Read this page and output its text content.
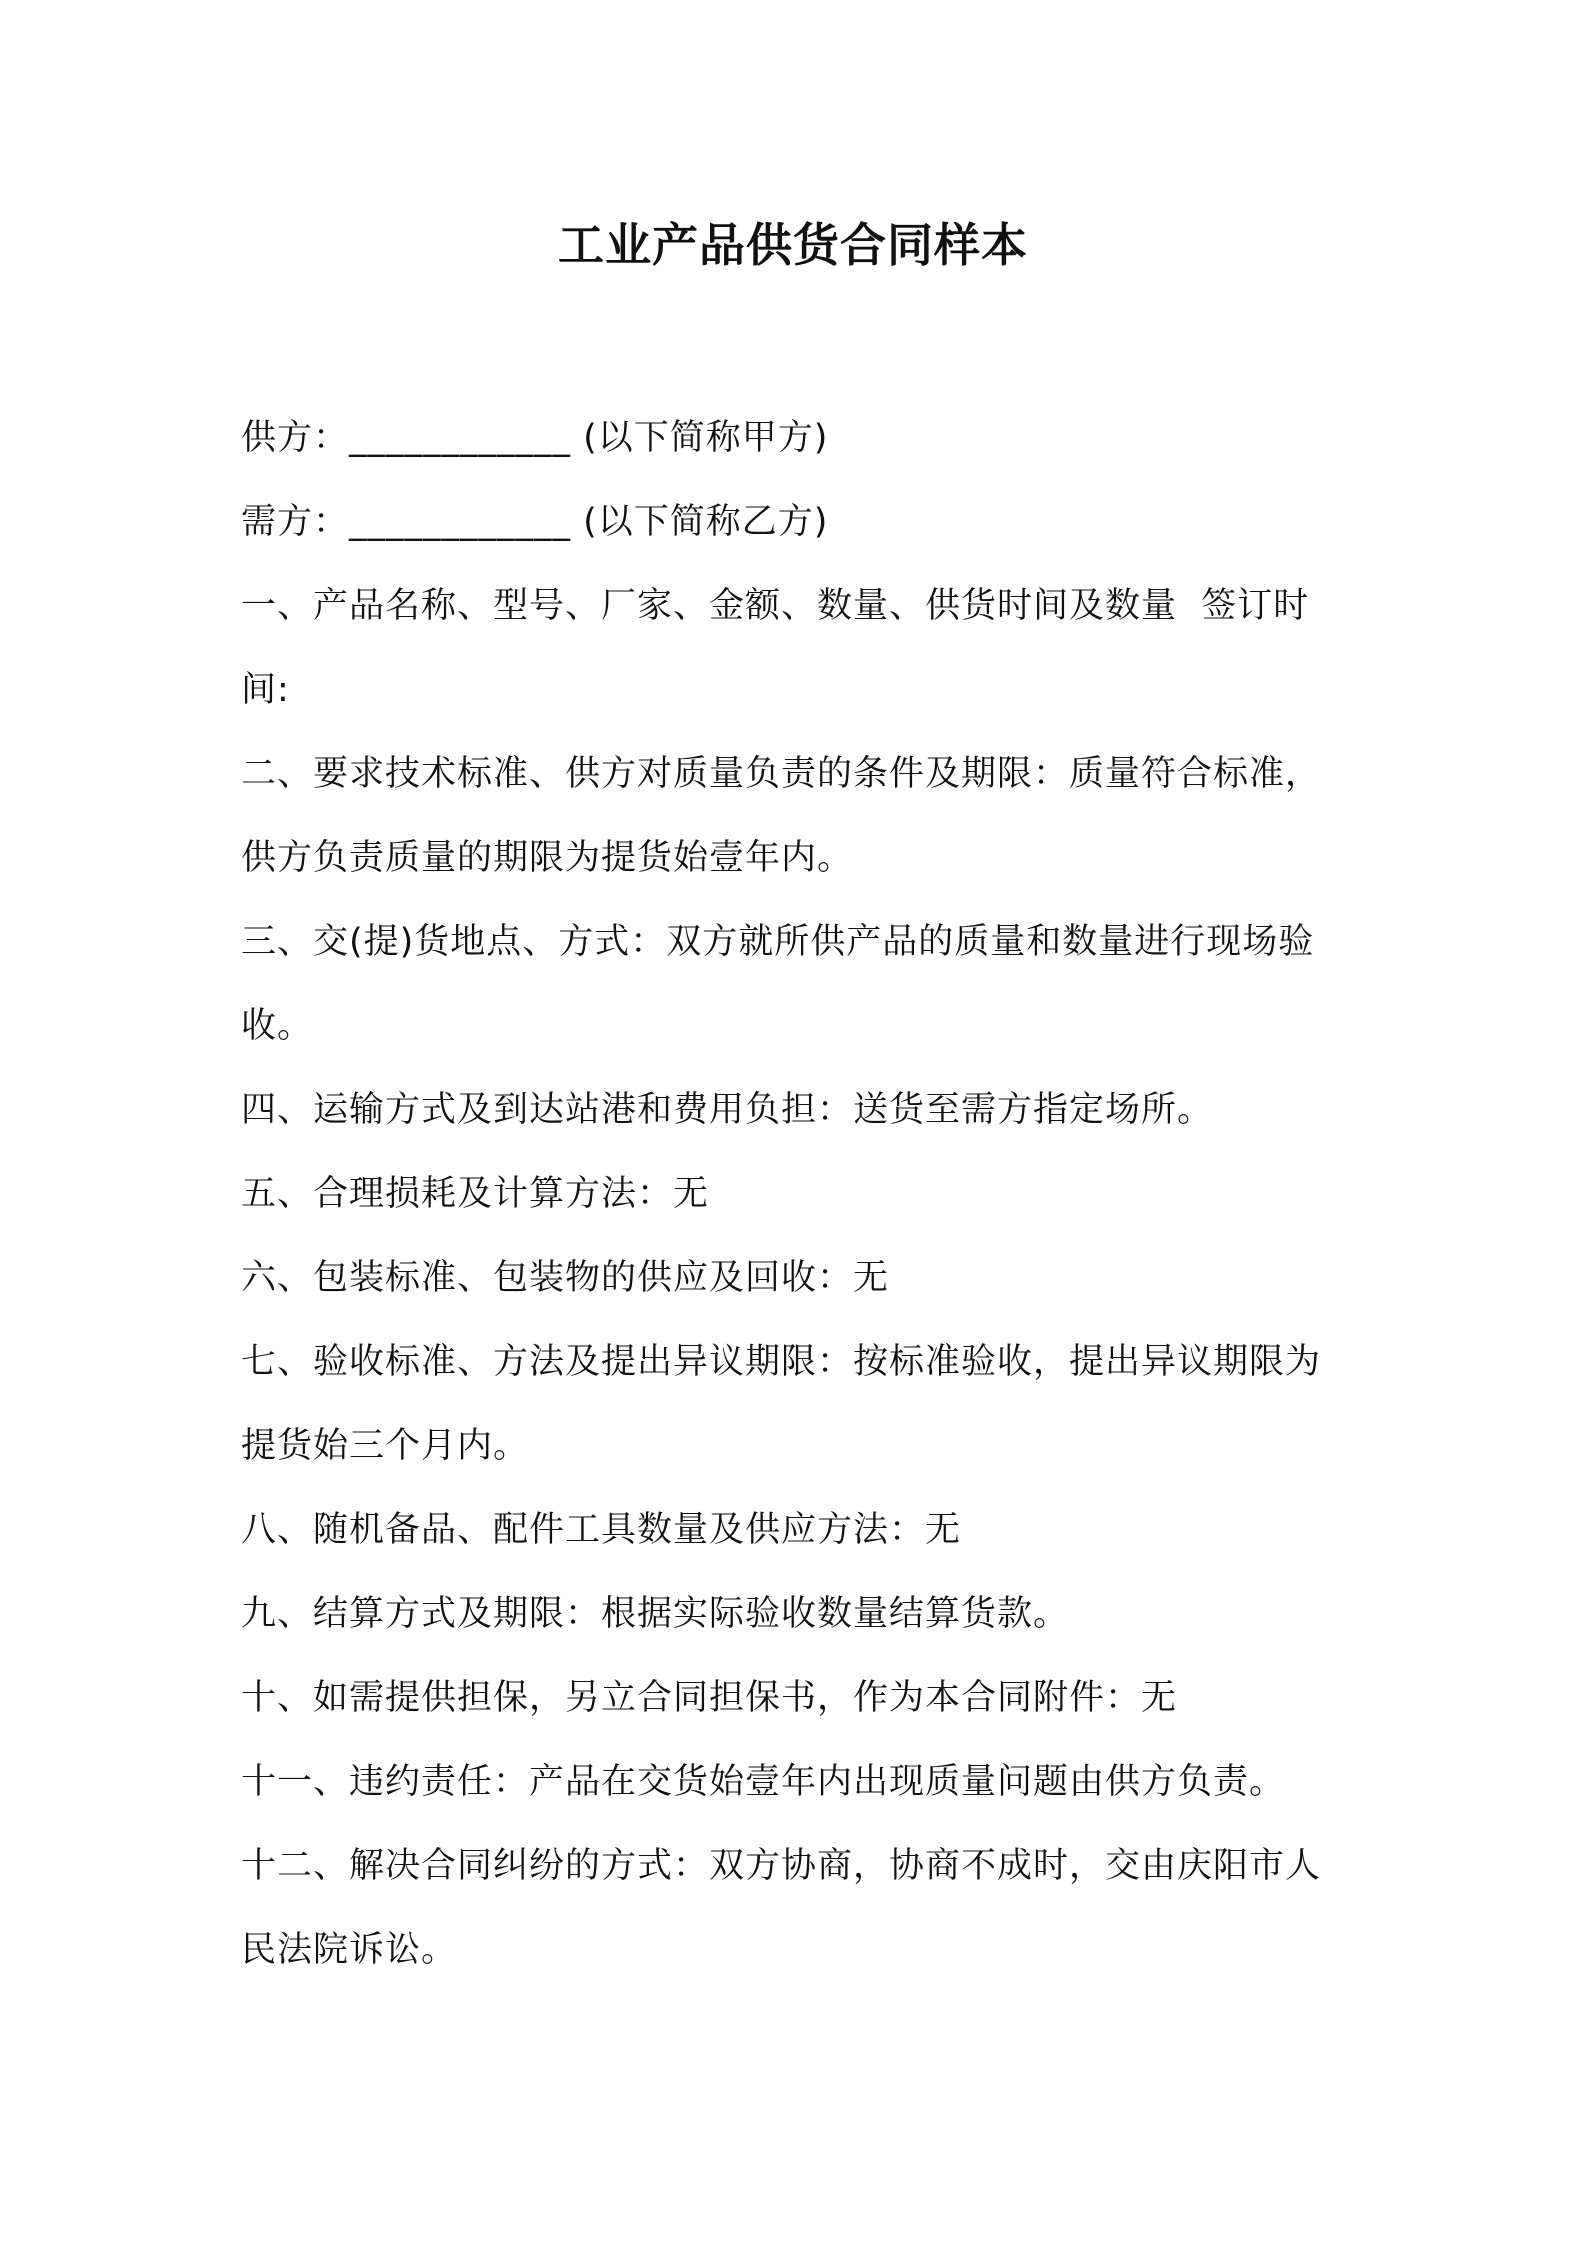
工业产品供货合同样本
供方：____________ (以下简称甲方)
需方：____________ (以下简称乙方)
一、产品名称、型号、厂家、金额、数量、供货时间及数量  签订时
间:
二、要求技术标准、供方对质量负责的条件及期限：质量符合标准，
供方负责质量的期限为提货始壹年内。
三、交(提)货地点、方式：双方就所供产品的质量和数量进行现场验
收。
四、运输方式及到达站港和费用负担：送货至需方指定场所。
五、合理损耗及计算方法：无
六、包装标准、包装物的供应及回收：无
七、验收标准、方法及提出异议期限：按标准验收，提出异议期限为
提货始三个月内。
八、随机备品、配件工具数量及供应方法：无
九、结算方式及期限：根据实际验收数量结算货款。
十、如需提供担保，另立合同担保书，作为本合同附件：无
十一、违约责任：产品在交货始壹年内出现质量问题由供方负责。
十二、解决合同纠纷的方式：双方协商，协商不成时，交由庆阳市人
民法院诉讼。
